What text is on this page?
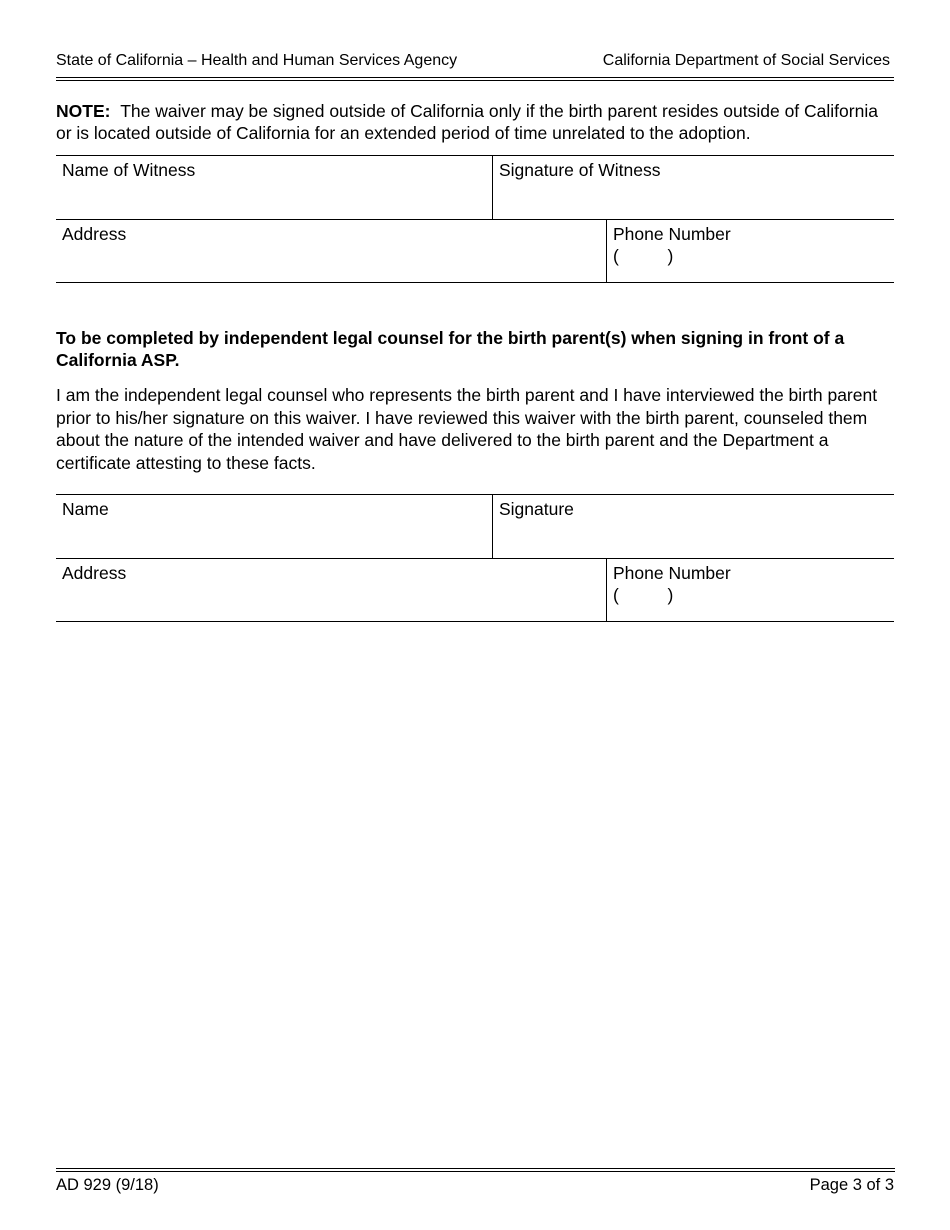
State of California – Health and Human Services Agency	California Department of Social Services
NOTE: The waiver may be signed outside of California only if the birth parent resides outside of California or is located outside of California for an extended period of time unrelated to the adoption.
Name of Witness	Signature of Witness
Address	Phone Number
(          )
To be completed by independent legal counsel for the birth parent(s) when signing in front of a California ASP.
I am the independent legal counsel who represents the birth parent and I have interviewed the birth parent prior to his/her signature on this waiver. I have reviewed this waiver with the birth parent, counseled them about the nature of the intended waiver and have delivered to the birth parent and the Department a certificate attesting to these facts.
Name	Signature
Address	Phone Number
(          )
AD 929 (9/18)	Page 3 of 3
